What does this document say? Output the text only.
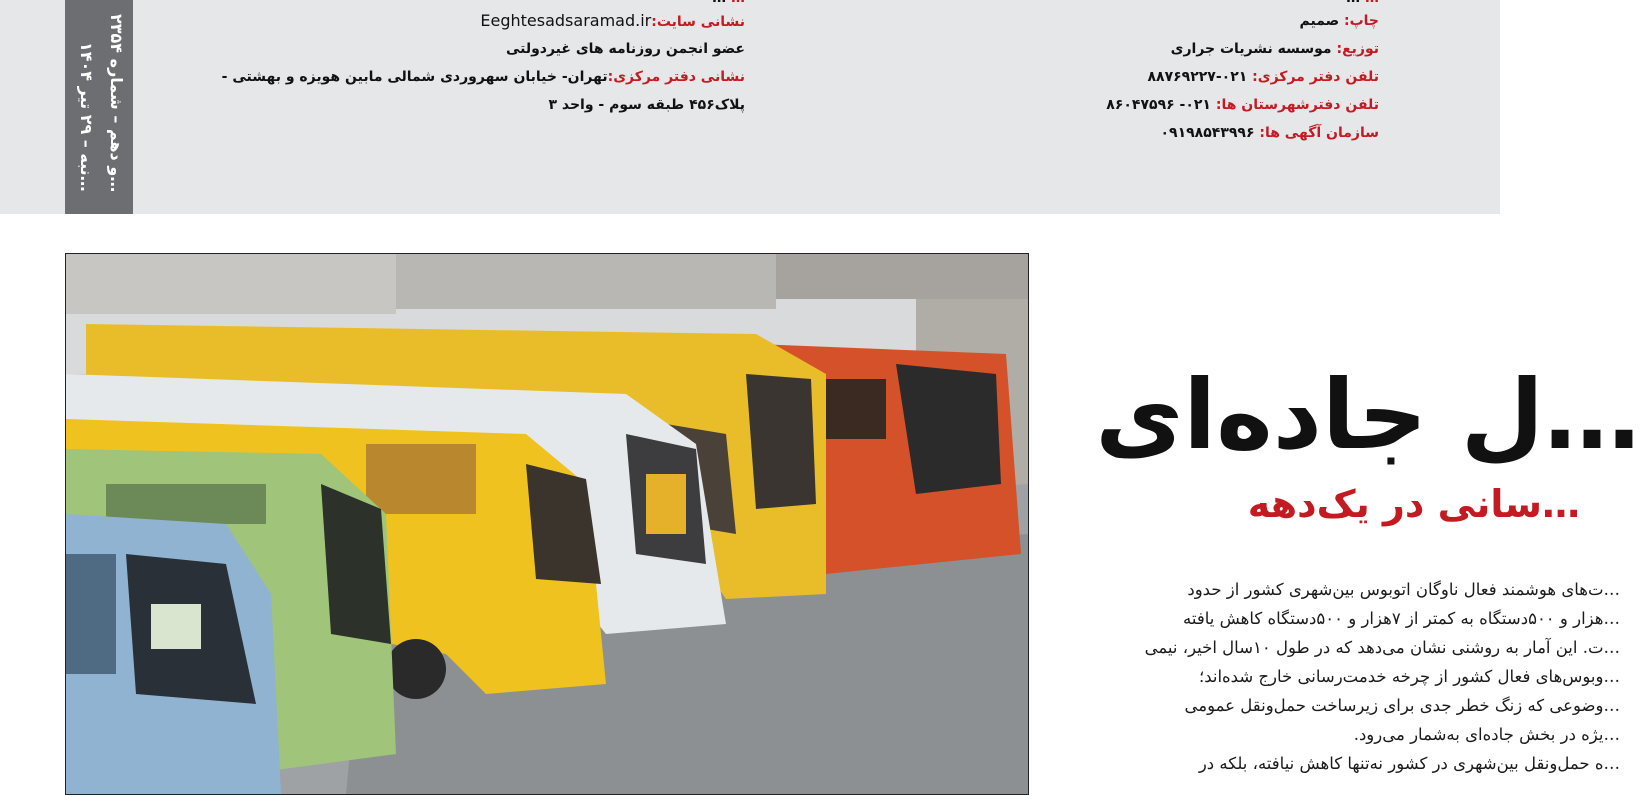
…نبه – ۲۹ تیر ۱۴۰۴
…و دهم – شماره ۲۳۵۴
نشانی سایت:Eeghtesadsaramad.ir
عضو انجمن روزنامه های غیردولتی
نشانی دفتر مرکزی:تهران- خیابان سهروردی شمالی مابین هویزه و بهشتی -
پلاک۴۵۶ طبقه سوم - واحد ۳
چاپ: صمیم
توزیع: موسسه نشریات جراری
تلفن دفتر مرکزی: ۰۲۱-۸۸۷۶۹۲۲۷
تلفن دفترشهرستان ها: ۰۲۱- ۸۶۰۴۷۵۹۶
سازمان آگهی ها: ۰۹۱۹۸۵۴۳۹۹۶
…ل جاده‌ای
…سانی در یک‌دهه

…ت‌های هوشمند فعال ناوگان اتوبوس بین‌شهری کشور از حدود

…هزار و ۵۰۰دستگاه به کمتر از ۷هزار و ۵۰۰دستگاه کاهش یافته

…ت. این آمار به روشنی نشان می‌دهد که در طول ۱۰سال اخیر، نیمی

…وبوس‌های فعال کشور از چرخه خدمت‌رسانی خارج شده‌اند؛

…وضوعی که زنگ خطر جدی برای زیرساخت حمل‌ونقل عمومی

…یژه در بخش جاده‌ای به‌شمار می‌رود.

…ه حمل‌ونقل بین‌شهری در کشور نه‌تنها کاهش نیافته، بلکه در
